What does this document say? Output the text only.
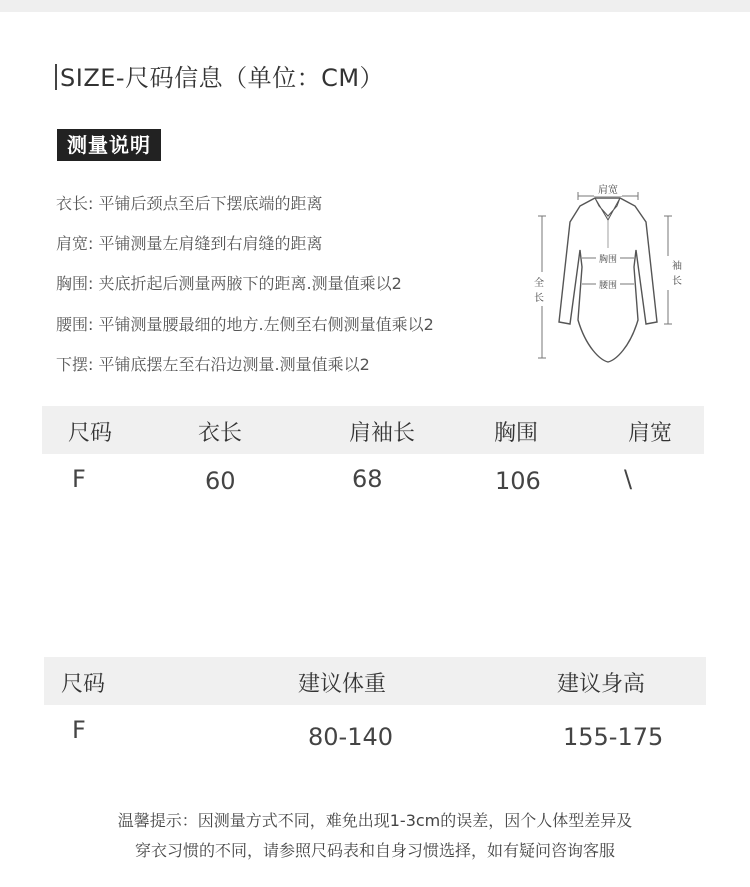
SIZE-尺码信息（单位：CM）
测量说明
衣长: 平铺后颈点至后下摆底端的距离
肩宽: 平铺测量左肩缝到右肩缝的距离
胸围: 夹底折起后测量两腋下的距离.测量值乘以2
腰围: 平铺测量腰最细的地方.左侧至右侧测量值乘以2
下摆: 平铺底摆左至右沿边测量.测量值乘以2
肩宽
胸围
腰围
全
长
袖
长
尺码	衣长	肩袖长	胸围	肩宽
F	60	68	106	\
尺码	建议体重	建议身高
F	80-140	155-175
温馨提示：因测量方式不同，难免出现1-3cm的误差，因个人体型差异及
穿衣习惯的不同，请参照尺码表和自身习惯选择，如有疑问咨询客服
